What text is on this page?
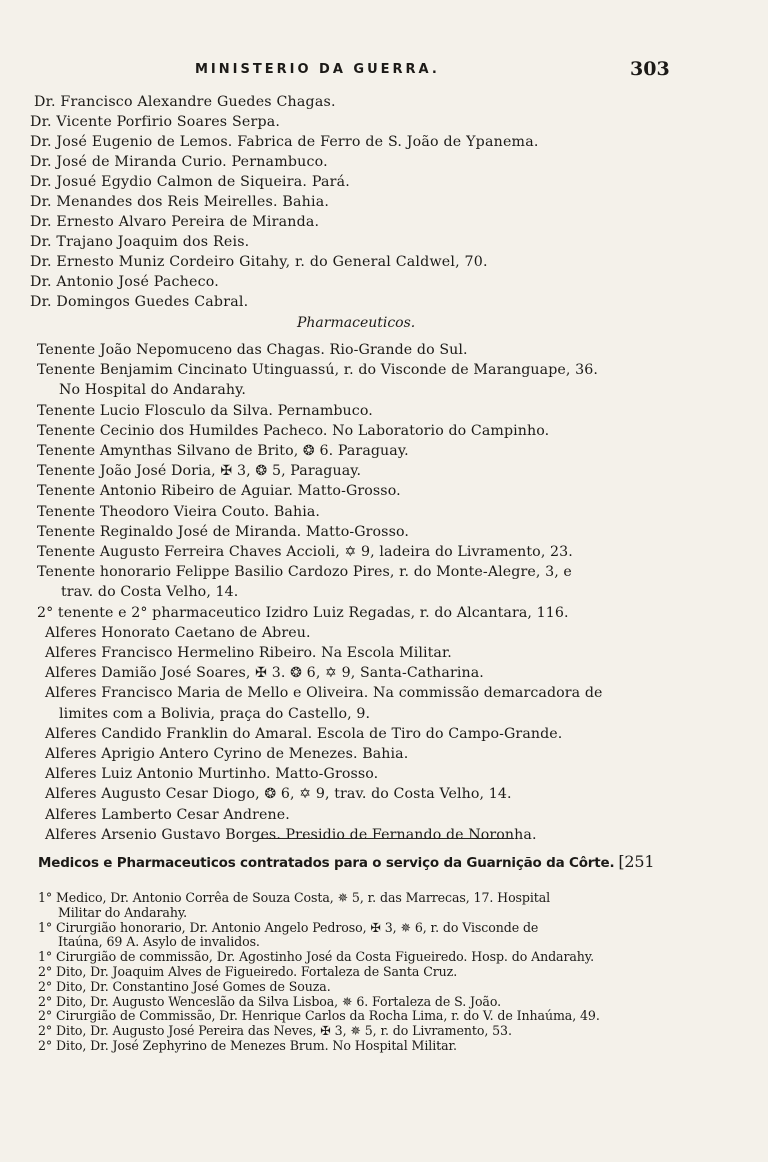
MINISTERIO DA GUERRA.	303
Dr. Francisco Alexandre Guedes Chagas.
Dr. Vicente Porfirio Soares Serpa.
Dr. José Eugenio de Lemos. Fabrica de Ferro de S. João de Ypanema.
Dr. José de Miranda Curio. Pernambuco.
Dr. Josué Egydio Calmon de Siqueira. Pará.
Dr. Menandes dos Reis Meirelles. Bahia.
Dr. Ernesto Alvaro Pereira de Miranda.
Dr. Trajano Joaquim dos Reis.
Dr. Ernesto Muniz Cordeiro Gitahy, r. do General Caldwel, 70.
Dr. Antonio José Pacheco.
Dr. Domingos Guedes Cabral.
Pharmaceuticos.
Tenente João Nepomuceno das Chagas. Rio-Grande do Sul.
Tenente Benjamim Cincinato Utinguassú, r. do Visconde de Maranguape, 36.
No Hospital do Andarahy.
Tenente Lucio Flosculo da Silva. Pernambuco.
Tenente Cecinio dos Humildes Pacheco. No Laboratorio do Campinho.
Tenente Amynthas Silvano de Brito, ❂ 6. Paraguay.
Tenente João José Doria, ✠ 3, ❂ 5, Paraguay.
Tenente Antonio Ribeiro de Aguiar. Matto-Grosso.
Tenente Theodoro Vieira Couto. Bahia.
Tenente Reginaldo José de Miranda. Matto-Grosso.
Tenente Augusto Ferreira Chaves Accioli, ✡ 9, ladeira do Livramento, 23.
Tenente honorario Felippe Basilio Cardozo Pires, r. do Monte-Alegre, 3, e
trav. do Costa Velho, 14.
2° tenente e 2° pharmaceutico Izidro Luiz Regadas, r. do Alcantara, 116.
Alferes Honorato Caetano de Abreu.
Alferes Francisco Hermelino Ribeiro. Na Escola Militar.
Alferes Damião José Soares, ✠ 3. ❂ 6, ✡ 9, Santa-Catharina.
Alferes Francisco Maria de Mello e Oliveira. Na commissão demarcadora de
limites com a Bolivia, praça do Castello, 9.
Alferes Candido Franklin do Amaral. Escola de Tiro do Campo-Grande.
Alferes Aprigio Antero Cyrino de Menezes. Bahia.
Alferes Luiz Antonio Murtinho. Matto-Grosso.
Alferes Augusto Cesar Diogo, ❂ 6, ✡ 9, trav. do Costa Velho, 14.
Alferes Lamberto Cesar Andrene.
Alferes Arsenio Gustavo Borges. Presidio de Fernando de Noronha.
Medicos e Pharmaceuticos contratados para o serviço da Guarnição da Côrte. [251
1° Medico, Dr. Antonio Corrêa de Souza Costa, ✵ 5, r. das Marrecas, 17. Hospital
Militar do Andarahy.
1° Cirurgião honorario, Dr. Antonio Angelo Pedroso, ✠ 3, ✵ 6, r. do Visconde de
Itaúna, 69 A. Asylo de invalidos.
1° Cirurgião de commissão, Dr. Agostinho José da Costa Figueiredo. Hosp. do Andarahy.
2° Dito, Dr. Joaquim Alves de Figueiredo. Fortaleza de Santa Cruz.
2° Dito, Dr. Constantino José Gomes de Souza.
2° Dito, Dr. Augusto Wenceslão da Silva Lisboa, ✵ 6. Fortaleza de S. João.
2° Cirurgião de Commissão, Dr. Henrique Carlos da Rocha Lima, r. do V. de Inhaúma, 49.
2° Dito, Dr. Augusto José Pereira das Neves, ✠ 3, ✵ 5, r. do Livramento, 53.
2° Dito, Dr. José Zephyrino de Menezes Brum. No Hospital Militar.
